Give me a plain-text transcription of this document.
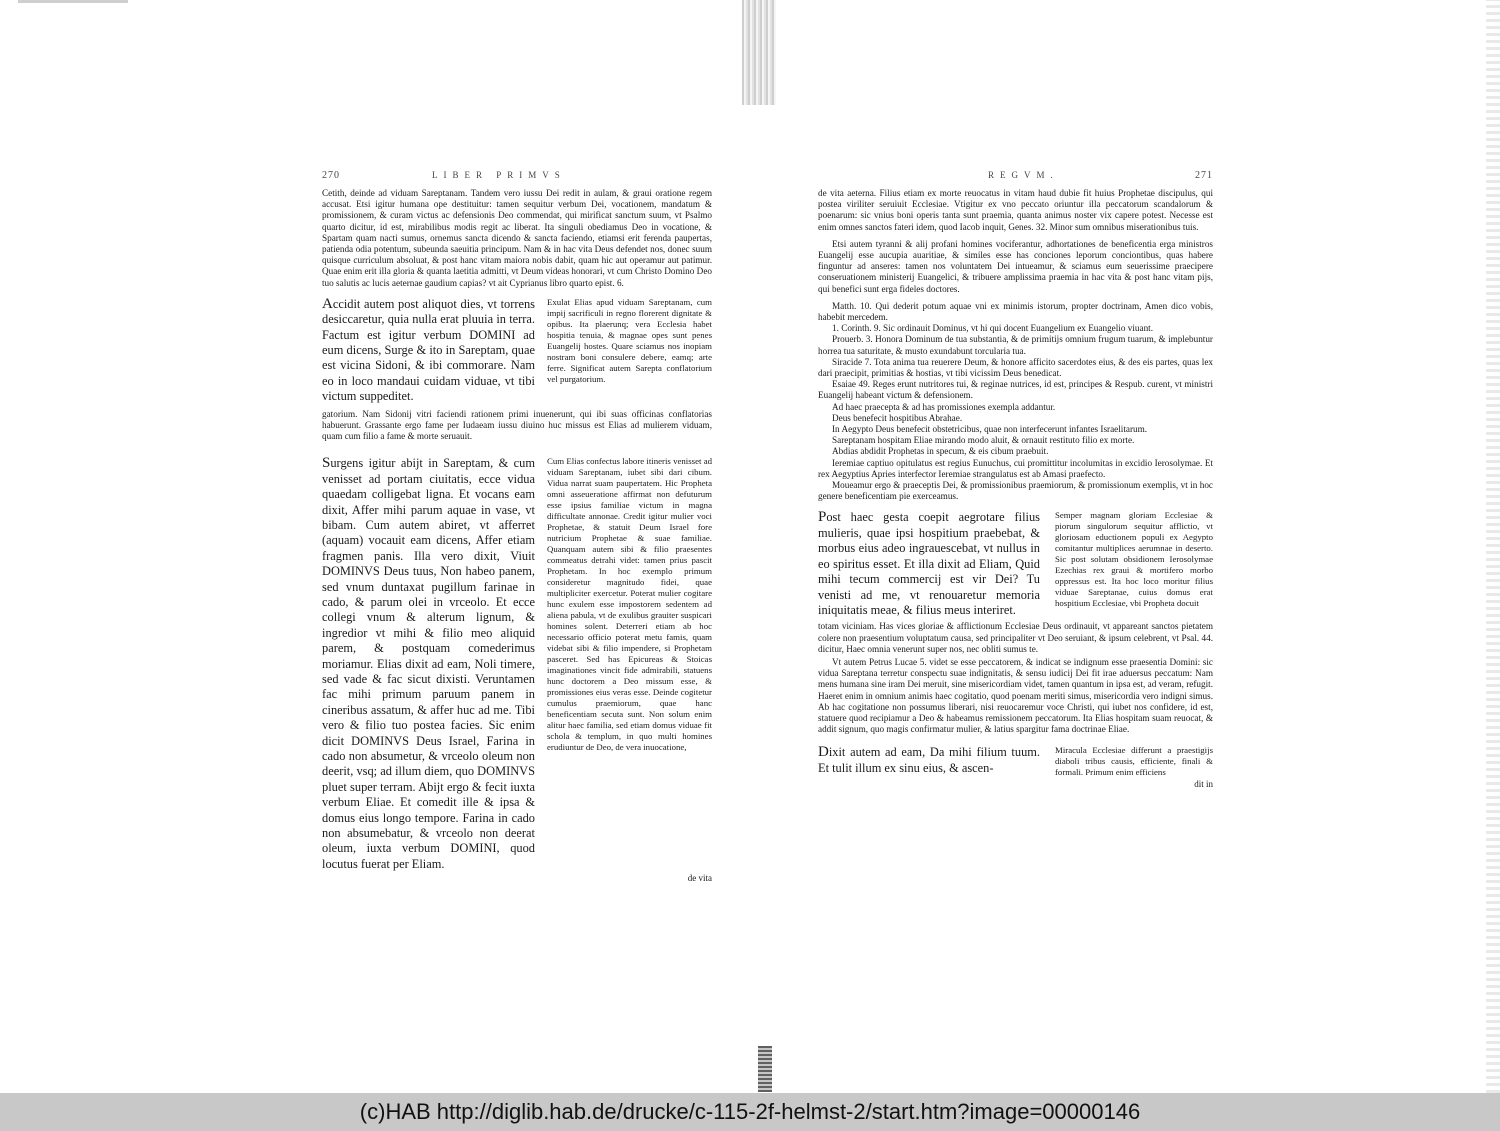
270	LIBER PRIMVS
Cetith, deinde ad viduam Sareptanam. Tandem vero iussu Dei redit in aulam, & graui oratione regem accusat. Etsi igitur humana ope destituitur: tamen sequitur verbum Dei, vocationem, mandatum & promissionem, & curam victus ac defensionis Deo commendat, qui mirificat sanctum suum, vt Psalmo quarto dicitur, id est, mirabilibus modis regit ac liberat. Ita singuli obediamus Deo in vocatione, & Spartam quam nacti sumus, ornemus sancta dicendo & sancta faciendo, etiamsi erit ferenda paupertas, patienda odia potentum, subeunda saeuitia principum. Nam & in hac vita Deus defendet nos, donec suum quisque curriculum absoluat, & post hanc vitam maiora nobis dabit, quam hic aut operamur aut patimur. Quae enim erit illa gloria & quanta laetitia admitti, vt Deum videas honorari, vt cum Christo Domino Deo tuo salutis ac lucis aeternae gaudium capias? vt ait Cyprianus libro quarto epist. 6.
Accidit autem post aliquot dies, vt torrens desiccaretur, quia nulla erat pluuia in terra. Factum est igitur verbum DOMINI ad eum dicens, Surge & ito in Sareptam, quae est vicina Sidoni, & ibi commorare. Nam eo in loco mandaui cuidam viduae, vt tibi victum suppeditet.
Exulat Elias apud viduam Sareptanam, cum impij sacrificuli in regno florerent dignitate & opibus. Ita plaerunq; vera Ecclesia habet hospitia tenuia, & magnae opes sunt penes Euangelij hostes. Quare sciamus nos inopiam nostram boni consulere debere, eamq; arte ferre. Significat autem Sarepta conflatorium vel purgatorium.
gatorium. Nam Sidonij vitri faciendi rationem primi inuenerunt, qui ibi suas officinas conflatorias habuerunt. Grassante ergo fame per Iudaeam iussu diuino huc missus est Elias ad mulierem viduam, quam cum filio a fame & morte seruauit.
Surgens igitur abijt in Sareptam, & cum venisset ad portam ciuitatis, ecce vidua quaedam colligebat ligna. Et vocans eam dixit, Affer mihi parum aquae in vase, vt bibam. Cum autem abiret, vt afferret (aquam) vocauit eam dicens, Affer etiam fragmen panis. Illa vero dixit, Viuit DOMINVS Deus tuus, Non habeo panem, sed vnum duntaxat pugillum farinae in cado, & parum olei in vrceolo. Et ecce collegi vnum & alterum lignum, & ingredior vt mihi & filio meo aliquid parem, & postquam comederimus moriamur. Elias dixit ad eam, Noli timere, sed vade & fac sicut dixisti. Veruntamen fac mihi primum paruum panem in cineribus assatum, & affer huc ad me. Tibi vero & filio tuo postea facies. Sic enim dicit DOMINVS Deus Israel, Farina in cado non absumetur, & vrceolo oleum non deerit, vsq; ad illum diem, quo DOMINVS pluet super terram. Abijt ergo & fecit iuxta verbum Eliae. Et comedit ille & ipsa & domus eius longo tempore. Farina in cado non absumebatur, & vrceolo non deerat oleum, iuxta verbum DOMINI, quod locutus fuerat per Eliam.
Cum Elias confectus labore itineris venisset ad viduam Sareptanam, iubet sibi dari cibum. Vidua narrat suam paupertatem. Hic Propheta omni asseueratione affirmat non defuturum esse ipsius familiae victum in magna difficultate annonae. Credit igitur mulier voci Prophetae, & statuit Deum Israel fore nutricium Prophetae & suae familiae. Quanquam autem sibi & filio praesentes commeatus detrahi videt: tamen prius pascit Prophetam. In hoc exemplo primum consideretur magnitudo fidei, quae multipliciter exercetur. Poterat mulier cogitare hunc exulem esse impostorem sedentem ad aliena pabula, vt de exulibus grauiter suspicari homines solent. Deterreri etiam ab hoc necessario officio poterat metu famis, quam videbat sibi & filio impendere, si Prophetam pasceret. Sed has Epicureas & Stoicas imaginationes vincit fide admirabili, statuens hunc doctorem a Deo missum esse, & promissiones eius veras esse. Deinde cogitetur cumulus praemiorum, quae hanc beneficentiam secuta sunt. Non solum enim alitur haec familia, sed etiam domus viduae fit schola & templum, in quo multi homines erudiuntur de Deo, de vera inuocatione,
de vita
REGVM.	271
de vita aeterna. Filius etiam ex morte reuocatus in vitam haud dubie fit huius Prophetae discipulus, qui postea viriliter seruiuit Ecclesiae. Vtigitur ex vno peccato oriuntur illa peccatorum scandalorum & poenarum: sic vnius boni operis tanta sunt praemia, quanta animus noster vix capere potest. Necesse est enim omnes sanctos fateri idem, quod Iacob inquit, Genes. 32. Minor sum omnibus miserationibus tuis.
Etsi autem tyranni & alij profani homines vociferantur, adhortationes de beneficentia erga ministros Euangelij esse aucupia auaritiae, & similes esse has conciones leporum conciontibus, quas habere finguntur ad anseres: tamen nos voluntatem Dei intueamur, & sciamus eum seuerissime praecipere conseruationem ministerij Euangelici, & tribuere amplissima praemia in hac vita & post hanc vitam pijs, qui benefici sunt erga fideles doctores.
Matth. 10. Qui dederit potum aquae vni ex minimis istorum, propter doctrinam, Amen dico vobis, habebit mercedem.
1. Corinth. 9. Sic ordinauit Dominus, vt hi qui docent Euangelium ex Euangelio viuant.
Prouerb. 3. Honora Dominum de tua substantia, & de primitijs omnium frugum tuarum, & implebuntur horrea tua saturitate, & musto exundabunt torcularia tua.
Siracide 7. Tota anima tua reuerere Deum, & honore afficito sacerdotes eius, & des eis partes, quas lex dari praecipit, primitias & hostias, vt tibi vicissim Deus benedicat.
Esaiae 49. Reges erunt nutritores tui, & reginae nutrices, id est, principes & Respub. curent, vt ministri Euangelij habeant victum & defensionem.
Ad haec praecepta & ad has promissiones exempla addantur.
Deus benefecit hospitibus Abrahae.
In Aegypto Deus benefecit obstetricibus, quae non interfecerunt infantes Israelitarum.
Sareptanam hospitam Eliae mirando modo aluit, & ornauit restituto filio ex morte.
Abdias abdidit Prophetas in specum, & eis cibum praebuit.
Ieremiae captiuo opitulatus est regius Eunuchus, cui promittitur incolumitas in excidio Ierosolymae. Et rex Aegyptius Apries interfector Ieremiae strangulatus est ab Amasi praefecto.
Moueamur ergo & praeceptis Dei, & promissionibus praemiorum, & promissionum exemplis, vt in hoc genere beneficentiam pie exerceamus.
Post haec gesta coepit aegrotare filius mulieris, quae ipsi hospitium praebebat, & morbus eius adeo ingrauescebat, vt nullus in eo spiritus esset. Et illa dixit ad Eliam, Quid mihi tecum commercij est vir Dei? Tu venisti ad me, vt renouaretur memoria iniquitatis meae, & filius meus interiret.
Semper magnam gloriam Ecclesiae & piorum singulorum sequitur afflictio, vt gloriosam eductionem populi ex Aegypto comitantur multiplices aerumnae in deserto. Sic post solutam obsidionem Ierosolymae Ezechias rex graui & mortifero morbo oppressus est. Ita hoc loco moritur filius viduae Sareptanae, cuius domus erat hospitium Ecclesiae, vbi Propheta docuit
totam viciniam. Has vices gloriae & afflictionum Ecclesiae Deus ordinauit, vt appareant sanctos pietatem colere non praesentium voluptatum causa, sed principaliter vt Deo seruiant, & ipsum celebrent, vt Psal. 44. dicitur, Haec omnia venerunt super nos, nec obliti sumus te.
Vt autem Petrus Lucae 5. videt se esse peccatorem, & indicat se indignum esse praesentia Domini: sic vidua Sareptana terretur conspectu suae indignitatis, & sensu iudicij Dei fit irae aduersus peccatum: Nam mens humana sine iram Dei meruit, sine misericordiam videt, tamen quantum in ipsa est, ad veram, refugit. Haeret enim in omnium animis haec cogitatio, quod poenam meriti simus, misericordia vero indigni simus. Ab hac cogitatione non possumus liberari, nisi reuocaremur voce Christi, qui iubet nos confidere, id est, statuere quod recipiamur a Deo & habeamus remissionem peccatorum. Ita Elias hospitam suam reuocat, & addit signum, quo magis confirmatur mulier, & latius spargitur fama doctrinae Eliae.
Dixit autem ad eam, Da mihi filium tuum. Et tulit illum ex sinu eius, & ascen-
Miracula Ecclesiae differunt a praestigijs diaboli tribus causis, efficiente, finali & formali. Primum enim efficiens
dit in
(c)HAB http://diglib.hab.de/drucke/c-115-2f-helmst-2/start.htm?image=00000146
